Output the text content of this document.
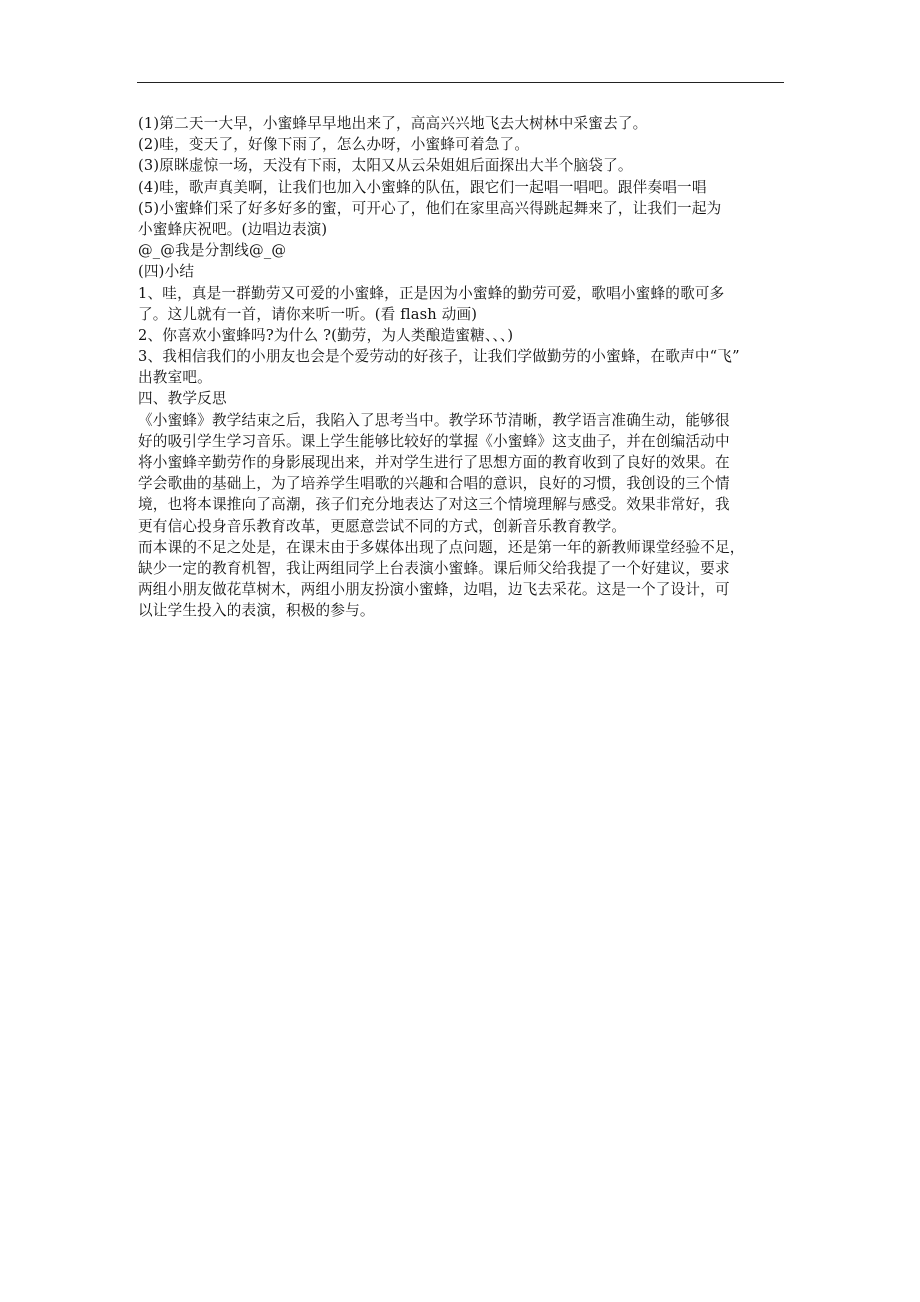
(1)第二天一大早，小蜜蜂早早地出来了，高高兴兴地飞去大树林中采蜜去了。
(2)哇，变天了，好像下雨了，怎么办呀，小蜜蜂可着急了。
(3)原眯虚惊一场，天没有下雨，太阳又从云朵姐姐后面探出大半个脑袋了。
(4)哇，歌声真美啊，让我们也加入小蜜蜂的队伍，跟它们一起唱一唱吧。跟伴奏唱一唱
(5)小蜜蜂们采了好多好多的蜜，可开心了，他们在家里高兴得跳起舞来了，让我们一起为
小蜜蜂庆祝吧。(边唱边表演)
@_@我是分割线@_@
(四)小结
1、哇，真是一群勤劳又可爱的小蜜蜂，正是因为小蜜蜂的勤劳可爱，歌唱小蜜蜂的歌可多
了。这儿就有一首，请你来听一听。(看 flash 动画)
2、你喜欢小蜜蜂吗?为什么 ?(勤劳，为人类酿造蜜糖、、、)
3、我相信我们的小朋友也会是个爱劳动的好孩子，让我们学做勤劳的小蜜蜂，在歌声中“飞”
出教室吧。
四、教学反思
《小蜜蜂》教学结束之后，我陷入了思考当中。教学环节清晰，教学语言准确生动，能够很
好的吸引学生学习音乐。课上学生能够比较好的掌握《小蜜蜂》这支曲子，并在创编活动中
将小蜜蜂辛勤劳作的身影展现出来，并对学生进行了思想方面的教育收到了良好的效果。在
学会歌曲的基础上，为了培养学生唱歌的兴趣和合唱的意识，良好的习惯，我创设的三个情
境，也将本课推向了高潮，孩子们充分地表达了对这三个情境理解与感受。效果非常好，我
更有信心投身音乐教育改革，更愿意尝试不同的方式，创新音乐教育教学。
而本课的不足之处是，在课末由于多媒体出现了点问题，还是第一年的新教师课堂经验不足，
缺少一定的教育机智，我让两组同学上台表演小蜜蜂。课后师父给我提了一个好建议，要求
两组小朋友做花草树木，两组小朋友扮演小蜜蜂，边唱，边飞去采花。这是一个了设计，可
以让学生投入的表演，积极的参与。
